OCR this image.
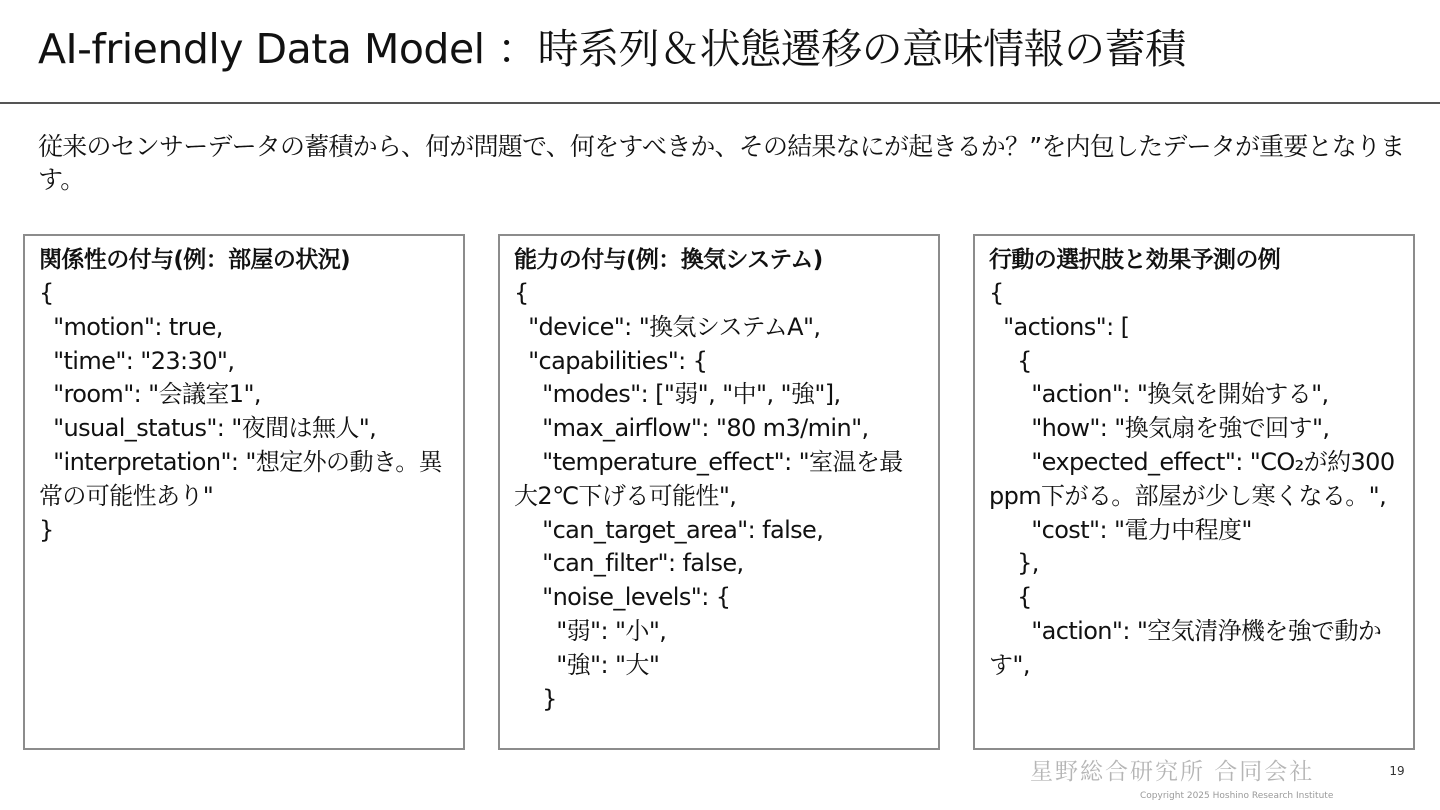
AI-friendly Data Model ：時系列＆状態遷移の意味情報の蓄積
従来のセンサーデータの蓄積から、何が問題で、何をすべきか、その結果なにが起きるか？”を内包したデータが重要となります。
関係性の付与(例：部屋の状況)
{
"motion": true,
"time": "23:30",
"room": "会議室1",
"usual_status": "夜間は無人",
"interpretation": "想定外の動き。異常の可能性あり"
}
能力の付与(例：換気システム)
{
"device": "換気システムA",
"capabilities": {
"modes": ["弱", "中", "強"],
"max_airflow": "80 m3/min",
"temperature_effect": "室温を最大2℃下げる可能性",
"can_target_area": false,
"can_filter": false,
"noise_levels": {
"弱": "小",
"強": "大"
}
行動の選択肢と効果予測の例
{
"actions": [
{
"action": "換気を開始する",
"how": "換気扇を強で回す",
"expected_effect": "CO₂が約300ppm下がる。部屋が少し寒くなる。",
"cost": "電力中程度"
},
{
"action": "空気清浄機を強で動かす",
星野総合研究所 合同会社	19
Copyright 2025 Hoshino Research Institute
